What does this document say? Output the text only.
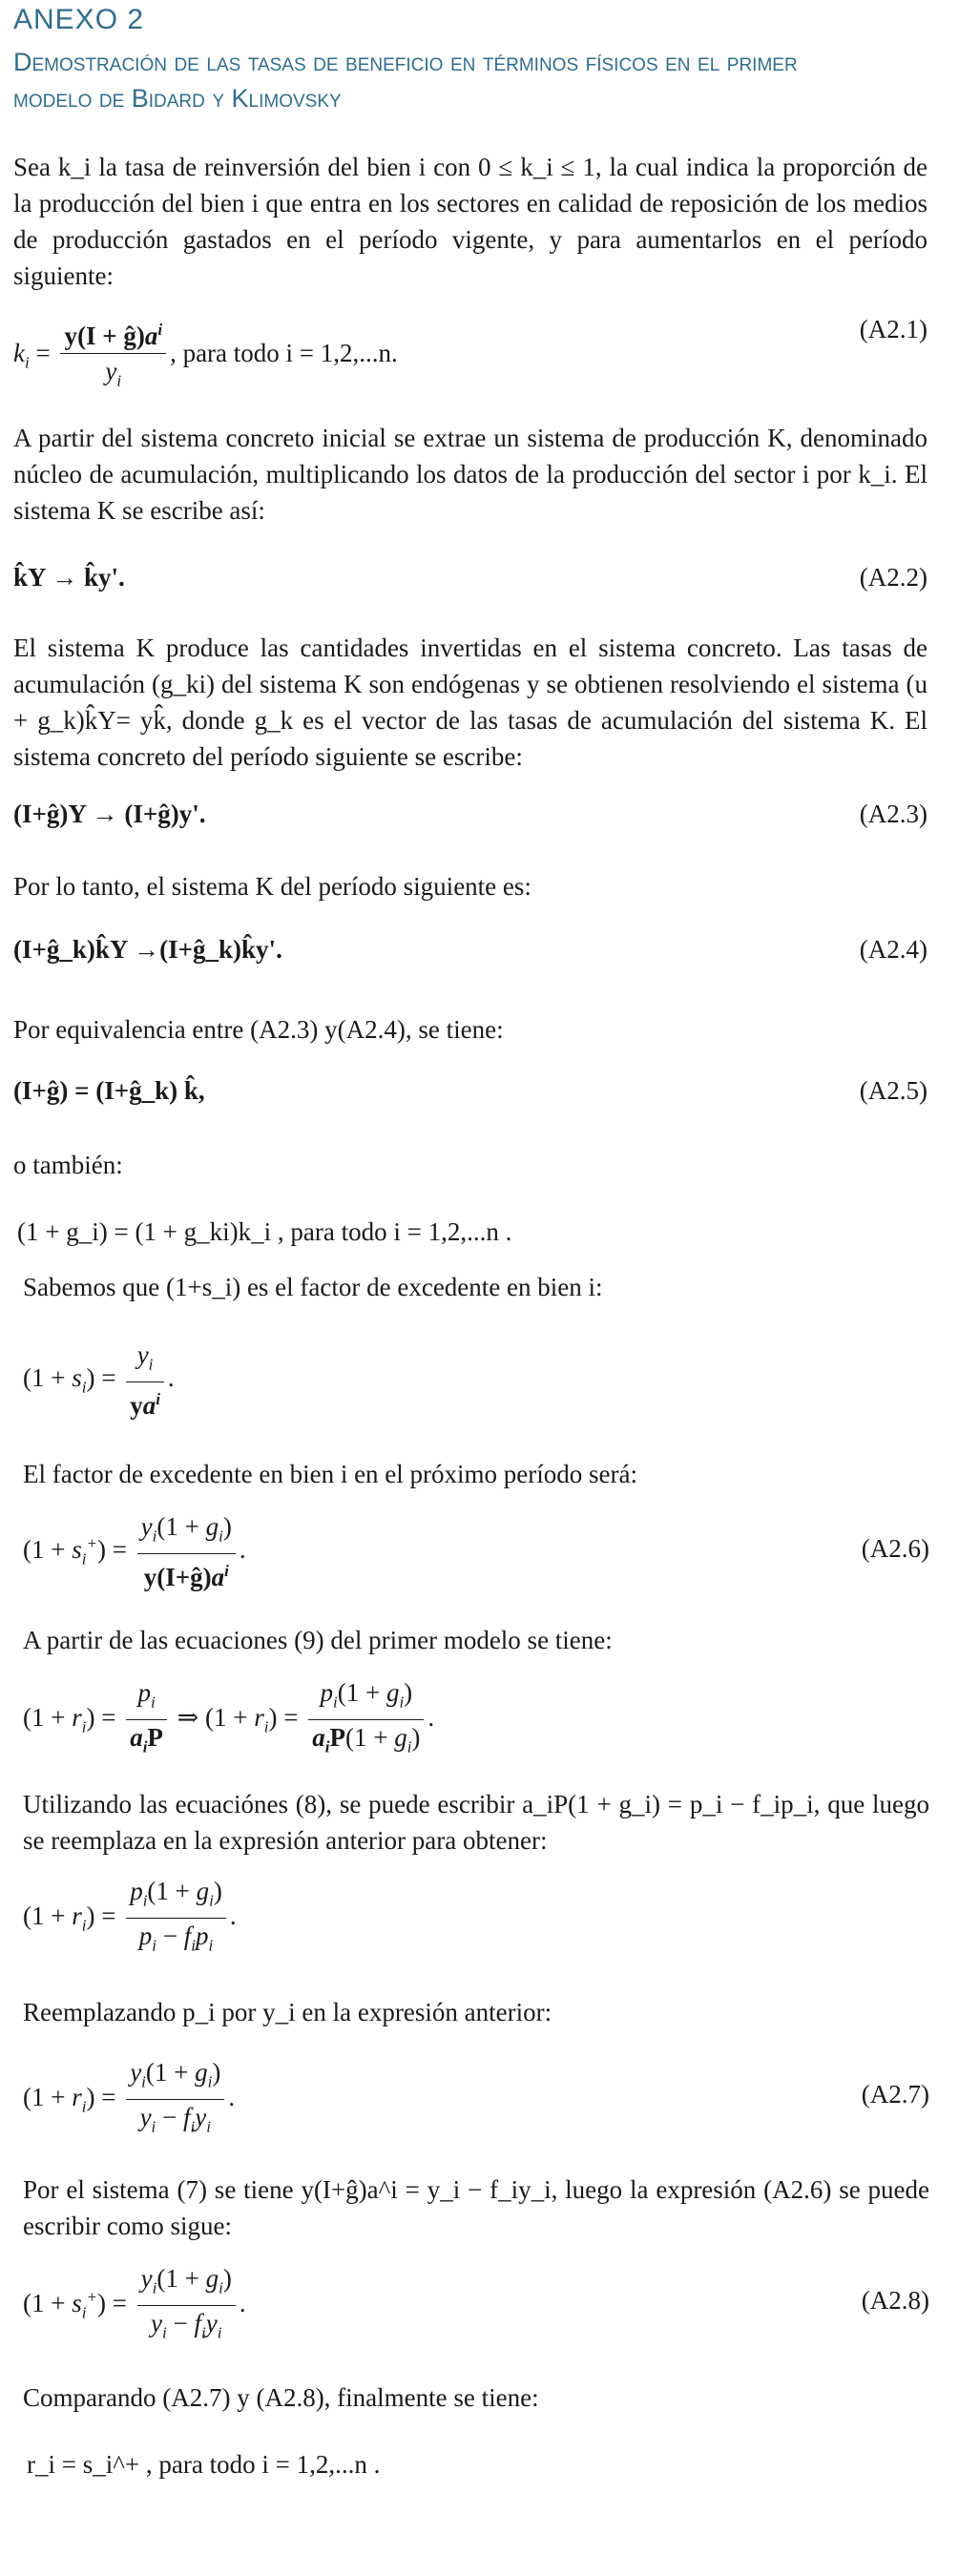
ANEXO 2
Demostración de las tasas de beneficio en términos físicos en el primer modelo de Bidard y Klimovsky
Sea k_i la tasa de reinversión del bien i con 0 ≤ k_i ≤ 1, la cual indica la proporción de la producción del bien i que entra en los sectores en calidad de reposición de los medios de producción gastados en el período vigente, y para aumentarlos en el período siguiente:
$k_i = \frac{y(I + ĝ)a^i}{y_i}$ , para todo i = 1,2,...n.
(A2.1)
A partir del sistema concreto inicial se extrae un sistema de producción K, denominado núcleo de acumulación, multiplicando los datos de la producción del sector i por k_i. El sistema K se escribe así:
k̂Y → k̂y'.	(A2.2)
El sistema K produce las cantidades invertidas en el sistema concreto. Las tasas de acumulación (g_ki) del sistema K son endógenas y se obtienen resolviendo el sistema (u + g_k)k̂Y= yk̂, donde g_k es el vector de las tasas de acumulación del sistema K. El sistema concreto del período siguiente se escribe:
(I+ĝ)Y → (I+ĝ)y'.	(A2.3)
Por lo tanto, el sistema K del período siguiente es:
(I+ĝ_k)k̂Y →(I+ĝ_k)k̂y'.	(A2.4)
Por equivalencia entre (A2.3) y(A2.4), se tiene:
(I+ĝ) = (I+ĝ_k) k̂,	(A2.5)
o también:
(1 + g_i) = (1 + g_ki)k_i , para todo i = 1,2,...n .
Sabemos que (1+s_i) es el factor de excedente en bien i:
$(1 + s_i) = \frac{y_i}{ya^i}$ .
El factor de excedente en bien i en el próximo período será:
$(1 + s_i^+) = \frac{y_i(1 + g_i)}{y(I+ĝ)a^i}$ .	(A2.6)
A partir de las ecuaciones (9) del primer modelo se tiene:
$(1 + r_i) = \frac{p_i}{a_iP}$ ⇒ $(1 + r_i) = \frac{p_i(1 + g_i)}{a_iP(1 + g_i)}$ .
Utilizando las ecuaciónes (8), se puede escribir a_iP(1 + g_i) = p_i − f_ip_i, que luego se reemplaza en la expresión anterior para obtener:
$(1 + r_i) = \frac{p_i(1 + g_i)}{p_i - f_ip_i}$ .
Reemplazando p_i por y_i en la expresión anterior:
$(1 + r_i) = \frac{y_i(1 + g_i)}{y_i - f_iy_i}$ .	(A2.7)
Por el sistema (7) se tiene y(I+ĝ)a^i = y_i − f_iy_i, luego la expresión (A2.6) se puede escribir como sigue:
$(1 + s_i^+) = \frac{y_i(1 + g_i)}{y_i - f_iy_i}$ .	(A2.8)
Comparando (A2.7) y (A2.8), finalmente se tiene:
r_i = s_i^+ , para todo i = 1,2,...n .
